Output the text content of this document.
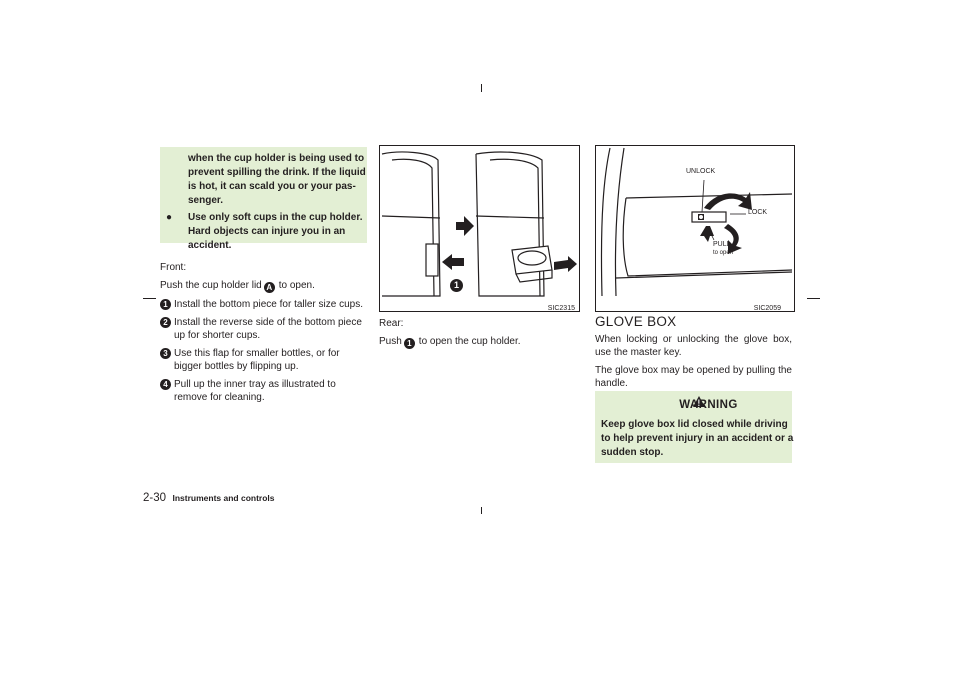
when the cup holder is being used to
prevent spilling the drink. If the liquid
is hot, it can scald you or your pas-
senger.
●	Use only soft cups in the cup holder.
Hard objects can injure you in an
accident.

Front:

Push the cup holder lid A to open.

1 Install the bottom piece for taller size cups.
2 Install the reverse side of the bottom piece up for shorter cups.
3 Use this flap for smaller bottles, or for bigger bottles by flipping up.
4 Pull up the inner tray as illustrated to remove for cleaning.
1
SIC2315

Rear:

Push 1 to open the cup holder.

UNLOCK
LOCK
PULL
to open
SIC2059
GLOVE BOX

When locking or unlocking the glove box, use the master key.

The glove box may be opened by pulling the handle.

WARNING
Keep glove box lid closed while driving
to help prevent injury in an accident or a
sudden stop.
2-30 Instruments and controls
